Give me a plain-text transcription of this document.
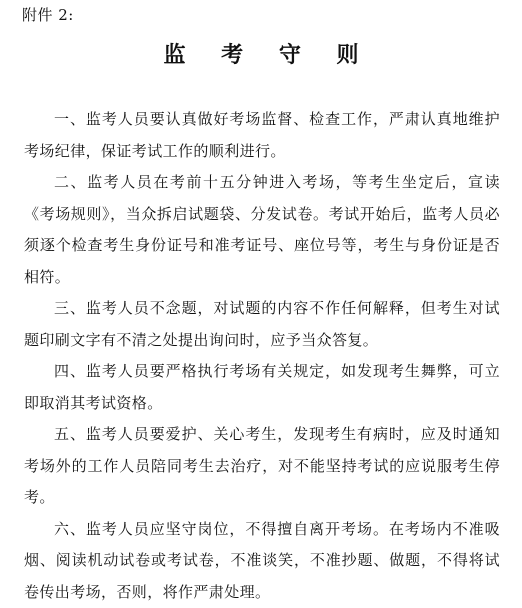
附件 2:
监 考 守 则

一、监考人员要认真做好考场监督、检查工作，严肃认真地维护考场纪律，保证考试工作的顺利进行。

二、监考人员在考前十五分钟进入考场，等考生坐定后，宣读《考场规则》，当众拆启试题袋、分发试卷。考试开始后，监考人员必须逐个检查考生身份证号和准考证号、座位号等，考生与身份证是否相符。

三、监考人员不念题，对试题的内容不作任何解释，但考生对试题印刷文字有不清之处提出询问时，应予当众答复。

四、监考人员要严格执行考场有关规定，如发现考生舞弊，可立即取消其考试资格。

五、监考人员要爱护、关心考生，发现考生有病时，应及时通知考场外的工作人员陪同考生去治疗，对不能坚持考试的应说服考生停考。

六、监考人员应坚守岗位，不得擅自离开考场。在考场内不准吸烟、阅读机动试卷或考试卷，不准谈笑，不准抄题、做题，不得将试卷传出考场，否则，将作严肃处理。
